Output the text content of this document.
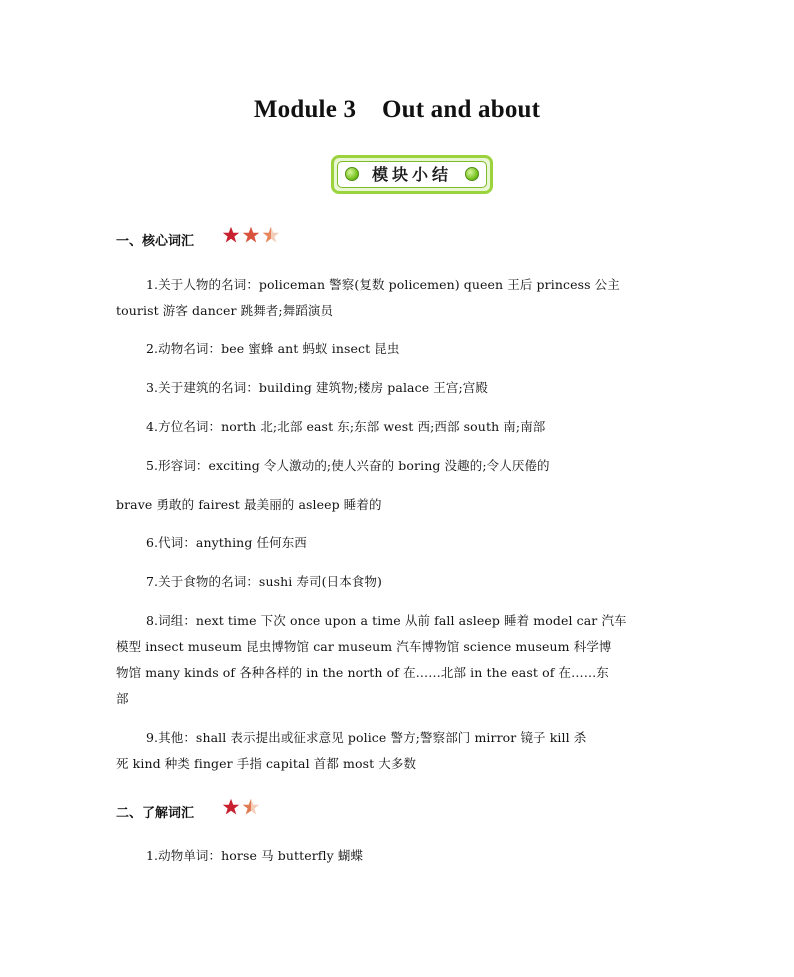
Module 3    Out and about
模块小结
一、核心词汇
1.关于人物的名词：policeman 警察(复数 policemen) queen 王后 princess 公主
tourist 游客 dancer 跳舞者;舞蹈演员
2.动物名词：bee 蜜蜂 ant 蚂蚁 insect 昆虫
3.关于建筑的名词：building 建筑物;楼房 palace 王宫;宫殿
4.方位名词：north 北;北部 east 东;东部 west 西;西部 south 南;南部
5.形容词：exciting 令人激动的;使人兴奋的 boring 没趣的;令人厌倦的
brave 勇敢的 fairest 最美丽的 asleep 睡着的
6.代词：anything 任何东西
7.关于食物的名词：sushi 寿司(日本食物)
8.词组：next time 下次 once upon a time 从前 fall asleep 睡着 model car 汽车
模型 insect museum 昆虫博物馆 car museum 汽车博物馆 science museum 科学博
物馆 many kinds of 各种各样的 in the north of 在……北部 in the east of 在……东
部
9.其他：shall 表示提出或征求意见 police 警方;警察部门 mirror 镜子 kill 杀
死 kind 种类 finger 手指 capital 首都 most 大多数
二、了解词汇
1.动物单词：horse 马 butterfly 蝴蝶
